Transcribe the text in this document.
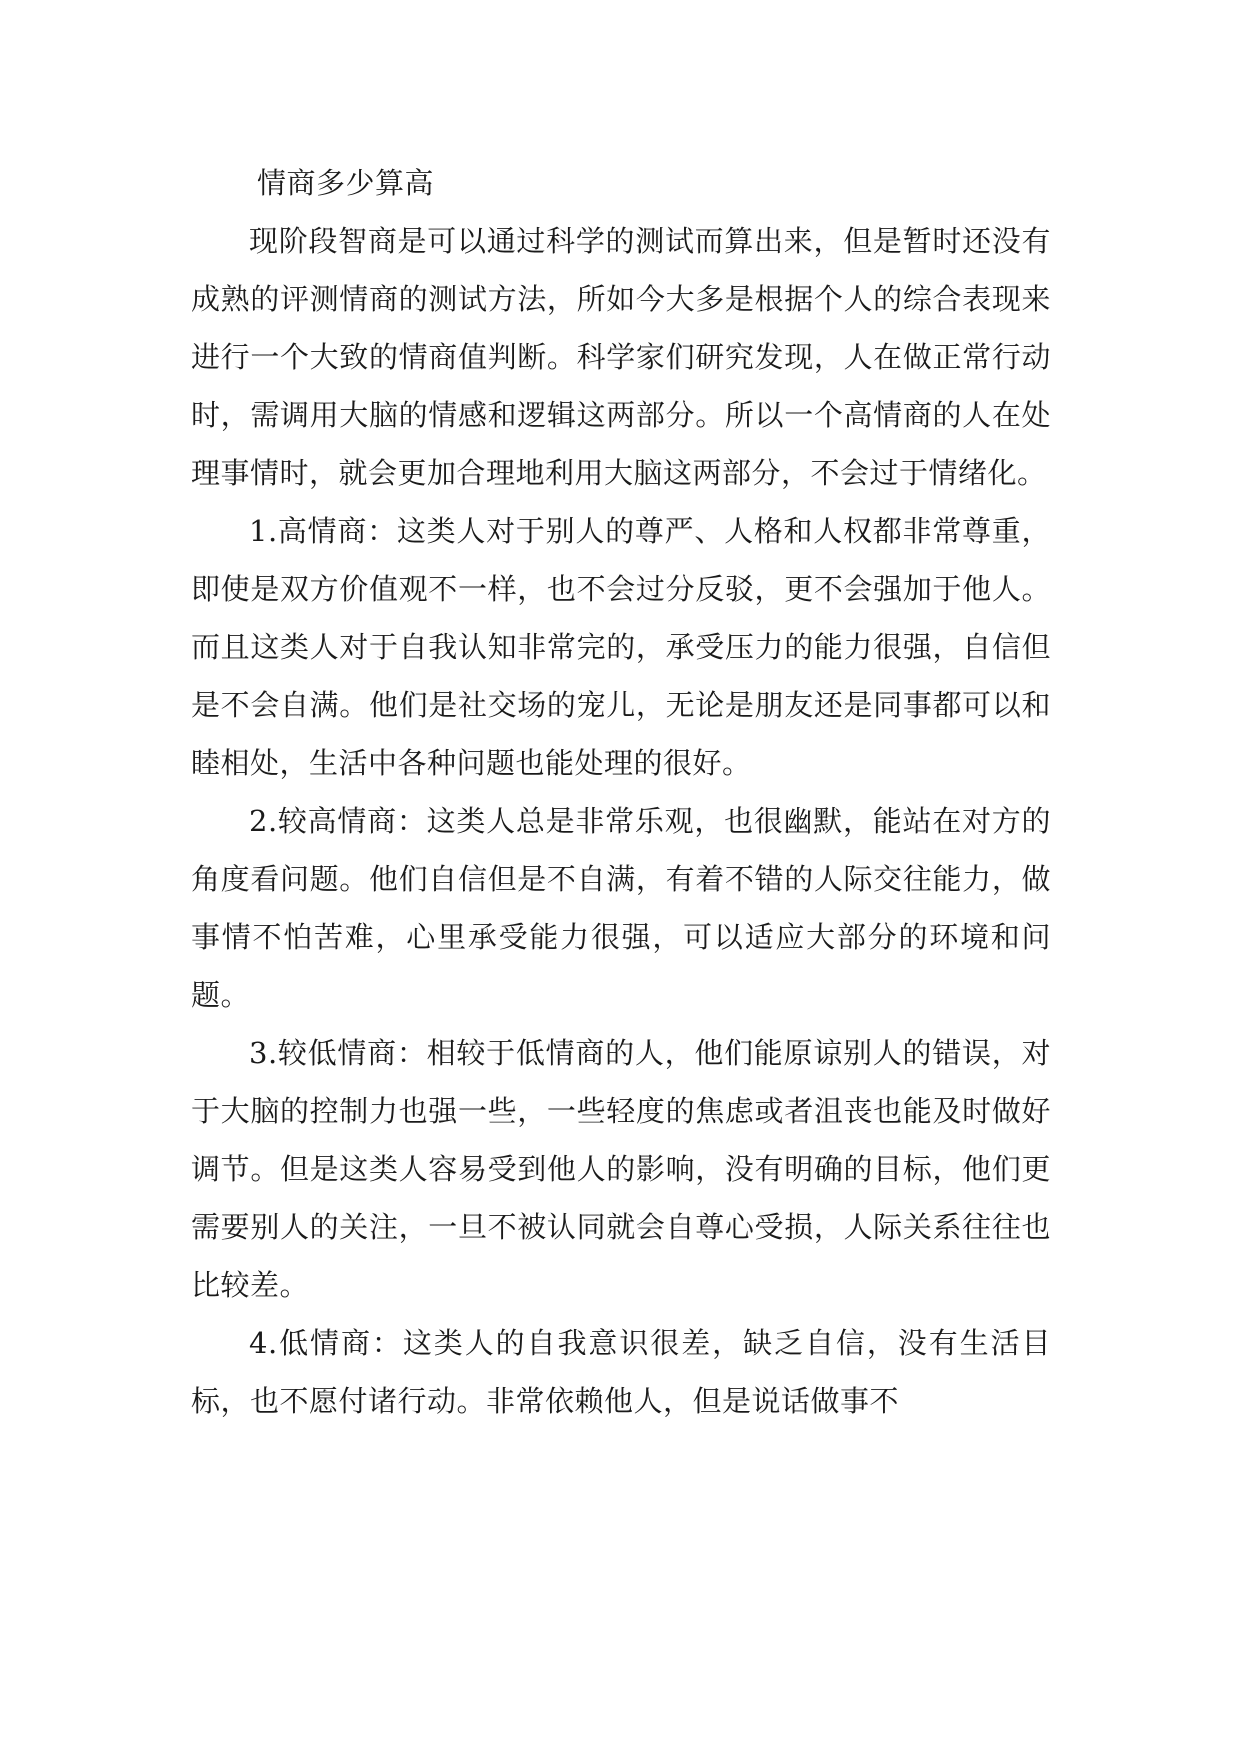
情商多少算高

现阶段智商是可以通过科学的测试而算出来，但是暂时还没有成熟的评测情商的测试方法，所如今大多是根据个人的综合表现来进行一个大致的情商值判断。科学家们研究发现，人在做正常行动时，需调用大脑的情感和逻辑这两部分。所以一个高情商的人在处理事情时，就会更加合理地利用大脑这两部分，不会过于情绪化。

1.高情商：这类人对于别人的尊严、人格和人权都非常尊重，即使是双方价值观不一样，也不会过分反驳，更不会强加于他人。而且这类人对于自我认知非常完的，承受压力的能力很强，自信但是不会自满。他们是社交场的宠儿，无论是朋友还是同事都可以和睦相处，生活中各种问题也能处理的很好。

2.较高情商：这类人总是非常乐观，也很幽默，能站在对方的角度看问题。他们自信但是不自满，有着不错的人际交往能力，做事情不怕苦难，心里承受能力很强，可以适应大部分的环境和问题。

3.较低情商：相较于低情商的人，他们能原谅别人的错误，对于大脑的控制力也强一些，一些轻度的焦虑或者沮丧也能及时做好调节。但是这类人容易受到他人的影响，没有明确的目标，他们更需要别人的关注，一旦不被认同就会自尊心受损，人际关系往往也比较差。

4.低情商：这类人的自我意识很差，缺乏自信，没有生活目标，也不愿付诸行动。非常依赖他人，但是说话做事不
